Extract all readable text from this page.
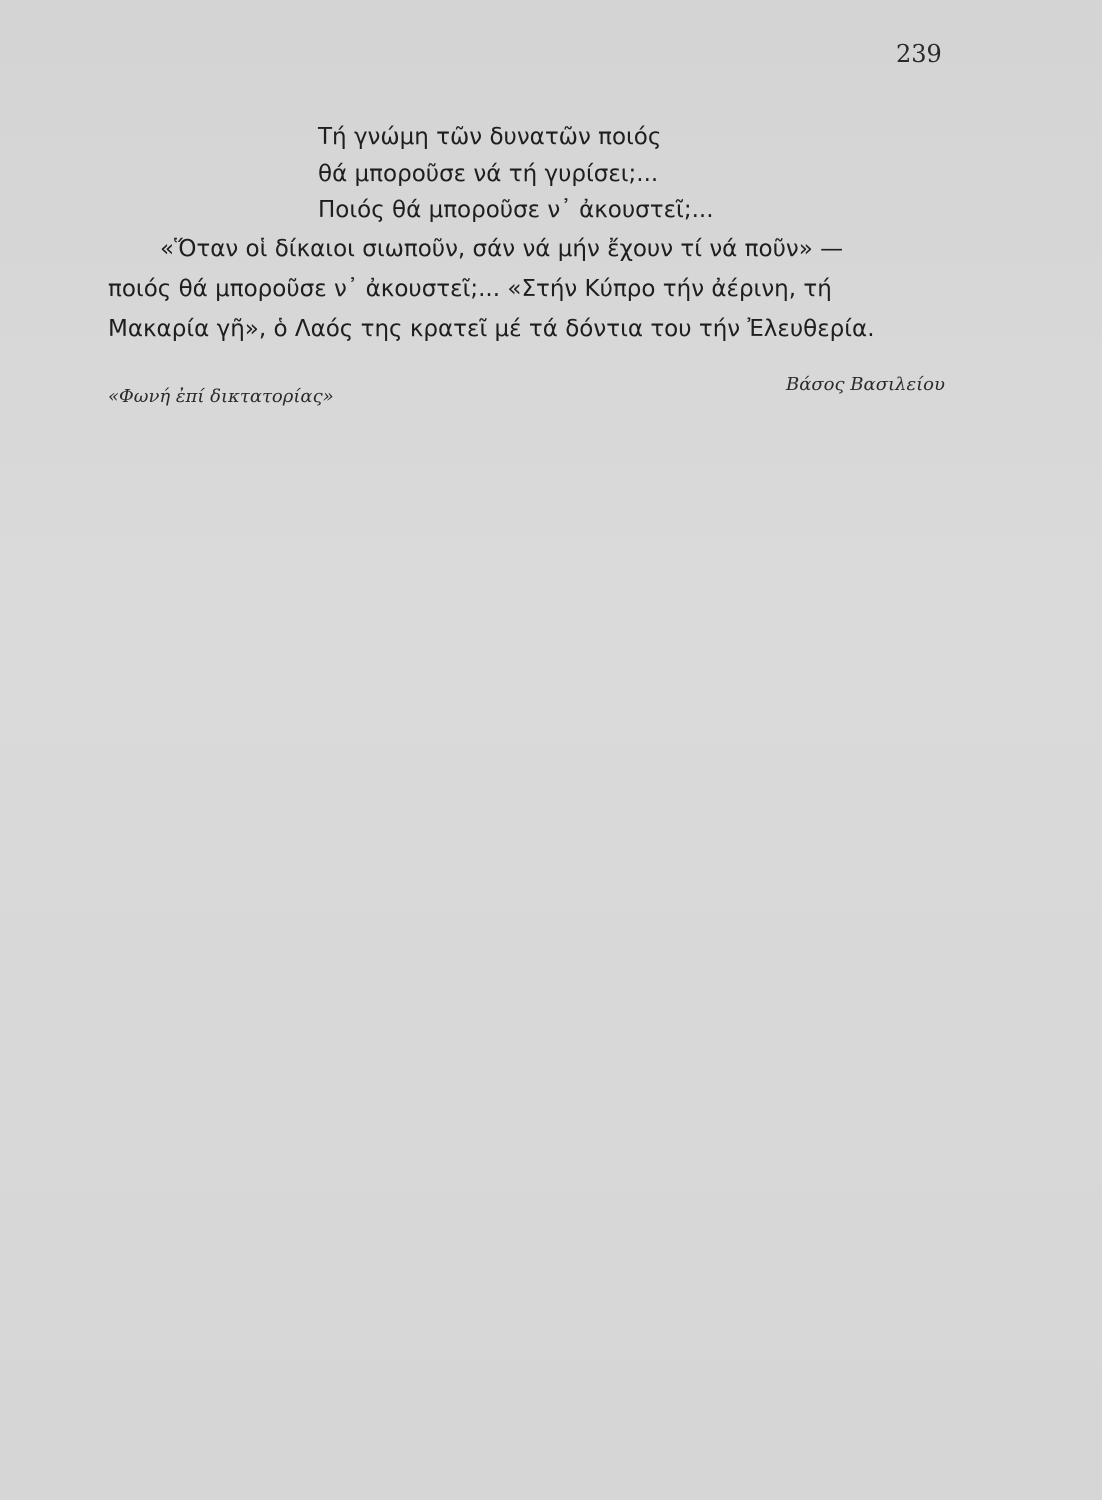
239
Τή γνώμη τῶν δυνατῶν ποιός
θά μποροῦσε νά τή γυρίσει;...
Ποιός θά μποροῦσε ν᾽ ἀκουστεῖ;...
«Ὅταν οἱ δίκαιοι σιωποῦν, σάν νά μήν ἔχουν τί νά ποῦν» —
ποιός θά μποροῦσε ν᾽ ἀκουστεῖ;... «Στήν Κύπρο τήν ἀέρινη, τή
Μακαρία γῆ», ὁ Λαός της κρατεῖ μέ τά δόντια του τήν Ἐλευθερία.
«Φωνή ἐπί δικτατορίας»
Βάσος Βασιλείου
